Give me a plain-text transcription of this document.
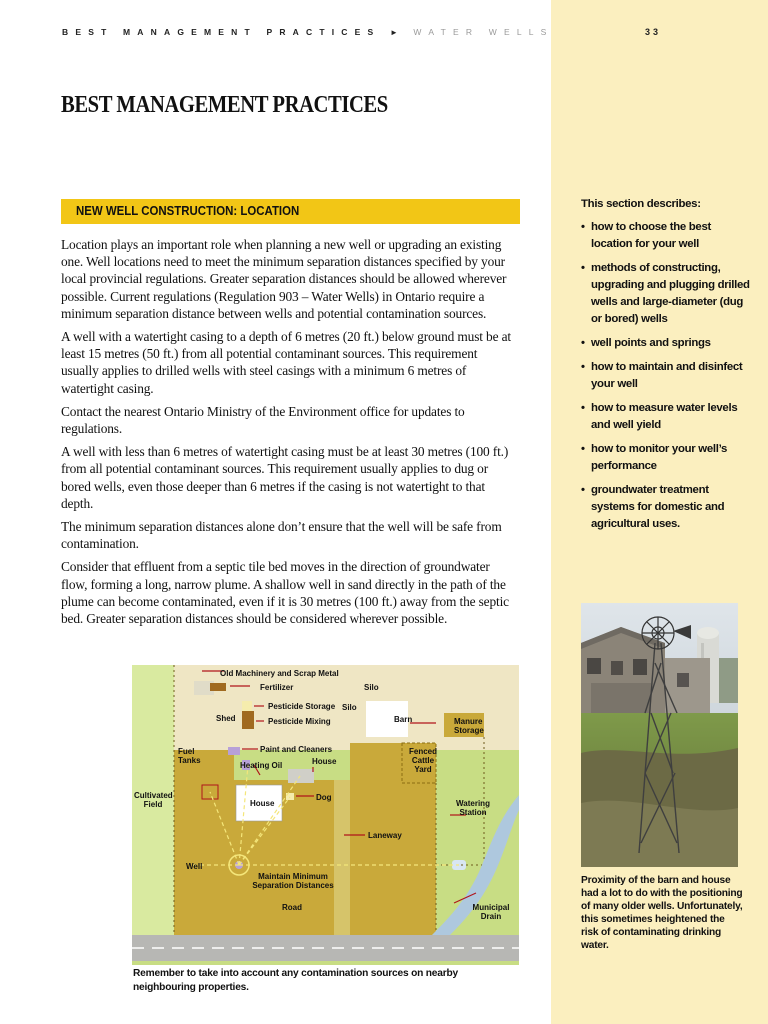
BEST MANAGEMENT PRACTICES ► WATER WELLS	33
BEST MANAGEMENT PRACTICES
NEW WELL CONSTRUCTION: LOCATION

Location plays an important role when planning a new well or upgrading an existing one. Well locations need to meet the minimum separation distances specified by your local provincial regulations. Greater separation distances should be allowed wherever possible. Current regulations (Regulation 903 – Water Wells) in Ontario require a minimum separation distance between wells and potential contamination sources.

A well with a watertight casing to a depth of 6 metres (20 ft.) below ground must be at least 15 metres (50 ft.) from all potential contaminant sources. This requirement usually applies to drilled wells with steel casings with a minimum 6 metres of watertight casing.

Contact the nearest Ontario Ministry of the Environment office for updates to regulations.

A well with less than 6 metres of watertight casing must be at least 30 metres (100 ft.) from all potential contaminant sources. This requirement usually applies to dug or bored wells, even those deeper than 6 metres if the casing is not watertight to that depth.

The minimum separation distances alone don’t ensure that the well will be safe from contamination.

Consider that effluent from a septic tile bed moves in the direction of groundwater flow, forming a long, narrow plume. A shallow well in sand directly in the path of the plume can become contaminated, even if it is 30 metres (100 ft.) away from the septic bed. Greater separation distances should be considered wherever possible.

This section describes:

• how to choose the best location for your well
• methods of constructing, upgrading and plugging drilled wells and large-diameter (dug or bored) wells
• well points and springs
• how to maintain and disinfect your well
• how to measure water levels and well yield
• how to monitor your well’s performance
• groundwater treatment systems for domestic and agricultural uses.
Proximity of the barn and house had a lot to do with the positioning of many older wells. Unfortunately, this sometimes heightened the risk of contaminating drinking water.
Old Machinery and Scrap Metal
Fertilizer	Silo
Pesticide Storage Silo
Shed	Pesticide Mixing	Barn	Manure Storage
Fuel Tanks
Paint and Cleaners
Heating Oil	House
Fenced Cattle Yard
Cultivated Field	House
Dog
Watering Station
Laneway
Well
Maintain Minimum Separation Distances
Road	Municipal Drain
Remember to take into account any contamination sources on nearby neighbouring properties.
